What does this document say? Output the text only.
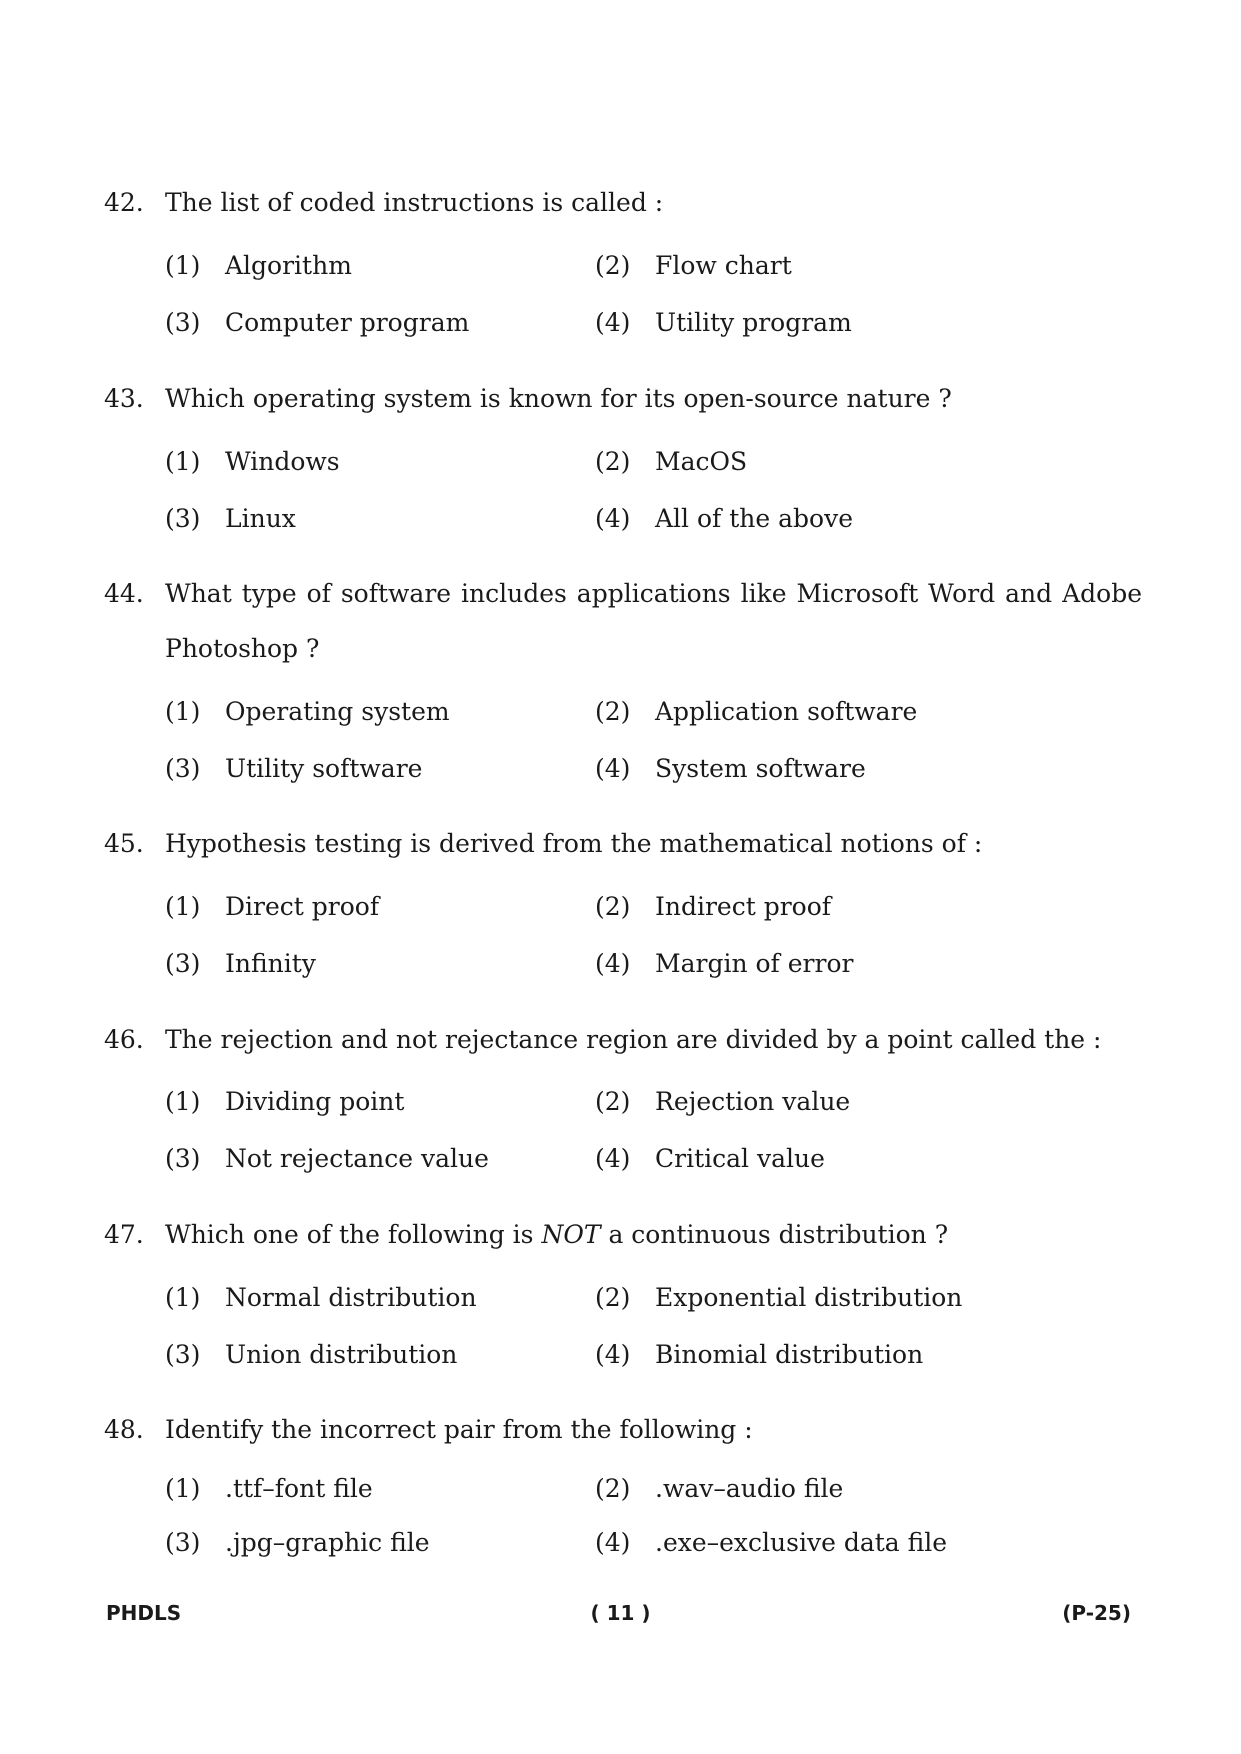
42. The list of coded instructions is called :
(1) Algorithm	(2) Flow chart
(3) Computer program	(4) Utility program
43. Which operating system is known for its open-source nature ?
(1) Windows	(2) MacOS
(3) Linux	(4) All of the above
44. What type of software includes applications like Microsoft Word and Adobe
Photoshop ?
(1) Operating system	(2) Application software
(3) Utility software	(4) System software
45. Hypothesis testing is derived from the mathematical notions of :
(1) Direct proof	(2) Indirect proof
(3) Infinity	(4) Margin of error
46. The rejection and not rejectance region are divided by a point called the :
(1) Dividing point	(2) Rejection value
(3) Not rejectance value	(4) Critical value
47. Which one of the following is NOT a continuous distribution ?
(1) Normal distribution	(2) Exponential distribution
(3) Union distribution	(4) Binomial distribution
48. Identify the incorrect pair from the following :
(1) .ttf–font file	(2) .wav–audio file
(3) .jpg–graphic file	(4) .exe–exclusive data file
PHDLS	( 11 )	(P-25)
